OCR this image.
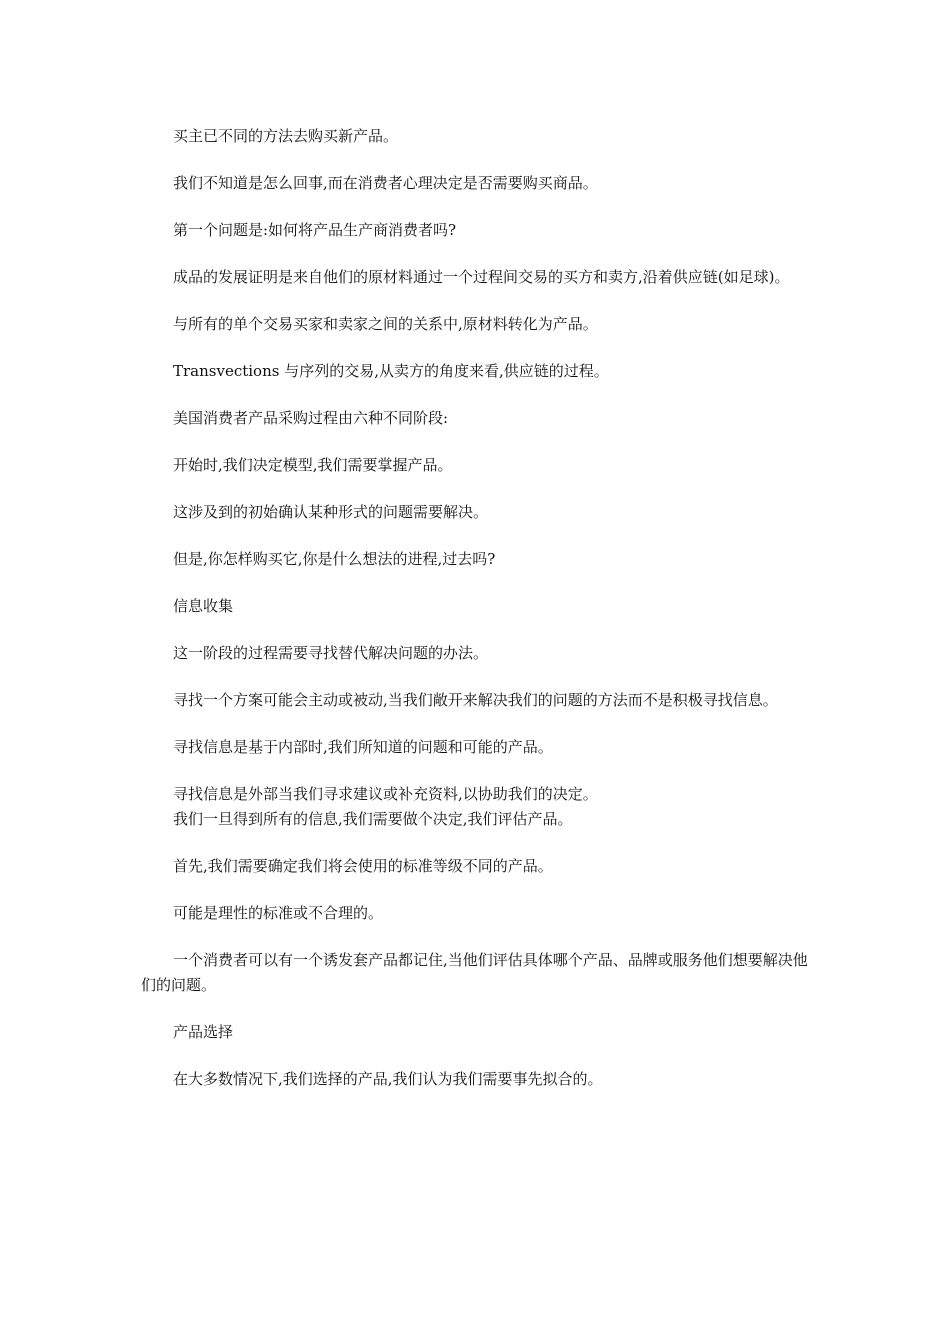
买主已不同的方法去购买新产品。

我们不知道是怎么回事,而在消费者心理决定是否需要购买商品。

第一个问题是:如何将产品生产商消费者吗?

成品的发展证明是来自他们的原材料通过一个过程间交易的买方和卖方,沿着供应链(如足球)。

与所有的单个交易买家和卖家之间的关系中,原材料转化为产品。

Transvections 与序列的交易,从卖方的角度来看,供应链的过程。

美国消费者产品采购过程由六种不同阶段:

开始时,我们决定模型,我们需要掌握产品。

这涉及到的初始确认某种形式的问题需要解决。

但是,你怎样购买它,你是什么想法的进程,过去吗?

信息收集

这一阶段的过程需要寻找替代解决问题的办法。

寻找一个方案可能会主动或被动,当我们敞开来解决我们的问题的方法而不是积极寻找信息。

寻找信息是基于内部时,我们所知道的问题和可能的产品。

寻找信息是外部当我们寻求建议或补充资料,以协助我们的决定。

我们一旦得到所有的信息,我们需要做个决定,我们评估产品。

首先,我们需要确定我们将会使用的标准等级不同的产品。

可能是理性的标准或不合理的。

一个消费者可以有一个诱发套产品都记住,当他们评估具体哪个产品、品牌或服务他们想要解决他们的问题。

产品选择

在大多数情况下,我们选择的产品,我们认为我们需要事先拟合的。
